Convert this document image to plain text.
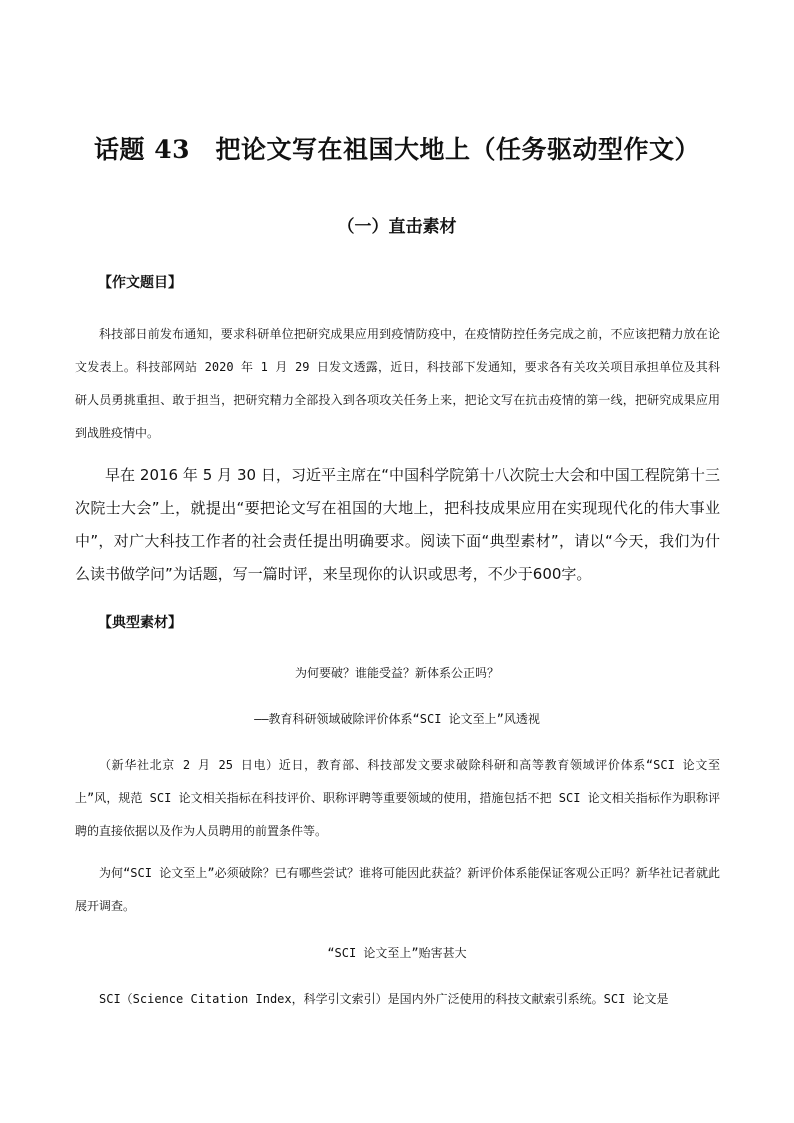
话题 43　把论文写在祖国大地上（任务驱动型作文）
（一）直击素材

【作文题目】

科技部日前发布通知，要求科研单位把研究成果应用到疫情防疫中，在疫情防控任务完成之前，不应该把精力放在论文发表上。科技部网站 2020 年 1 月 29 日发文透露，近日，科技部下发通知，要求各有关攻关项目承担单位及其科研人员勇挑重担、敢于担当，把研究精力全部投入到各项攻关任务上来，把论文写在抗击疫情的第一线，把研究成果应用到战胜疫情中。

早在 2016 年 5 月 30 日，习近平主席在“中国科学院第十八次院士大会和中国工程院第十三次院士大会”上，就提出“要把论文写在祖国的大地上，把科技成果应用在实现现代化的伟大事业中”，对广大科技工作者的社会责任提出明确要求。阅读下面“典型素材”，请以“今天，我们为什么读书做学问”为话题，写一篇时评，来呈现你的认识或思考，不少于600字。

【典型素材】

为何要破？谁能受益？新体系公正吗？

——教育科研领域破除评价体系“SCI 论文至上”风透视

（新华社北京 2 月 25 日电）近日，教育部、科技部发文要求破除科研和高等教育领域评价体系“SCI 论文至上”风，规范 SCI 论文相关指标在科技评价、职称评聘等重要领域的使用，措施包括不把 SCI 论文相关指标作为职称评聘的直接依据以及作为人员聘用的前置条件等。

为何“SCI 论文至上”必须破除？已有哪些尝试？谁将可能因此获益？新评价体系能保证客观公正吗？新华社记者就此展开调查。

“SCI 论文至上”贻害甚大

SCI（Science Citation Index，科学引文索引）是国内外广泛使用的科技文献索引系统。SCI 论文是
